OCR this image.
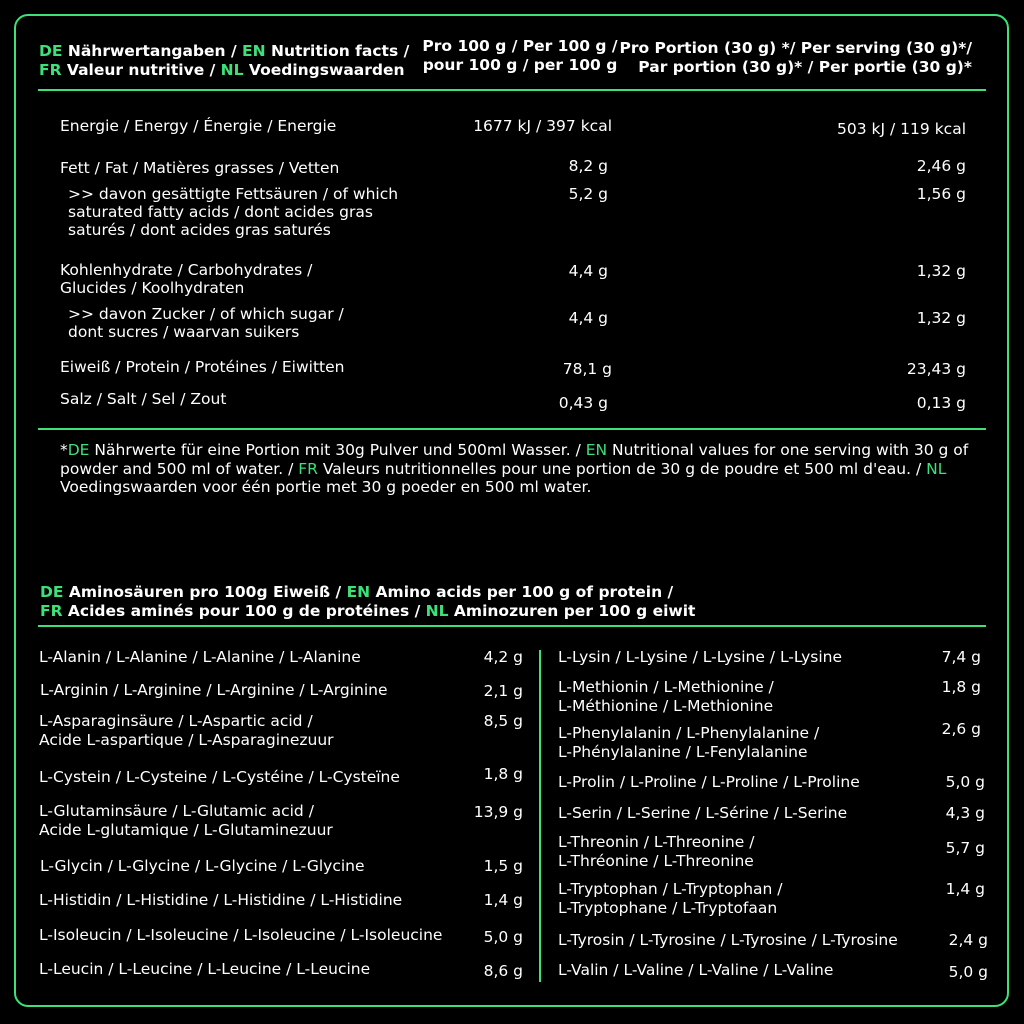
DE Nährwertangaben / EN Nutrition facts /
FR Valeur nutritive / NL Voedingswaarden
Pro 100 g / Per 100 g /
pour 100 g / per 100 g
Pro Portion (30 g) */ Per serving (30 g)*/
Par portion (30 g)* / Per portie (30 g)*
Energie / Energy / Énergie / Energie	1677 kJ / 397 kcal	503 kJ / 119 kcal
Fett / Fat / Matières grasses / Vetten	8,2 g	2,46 g
>> davon gesättigte Fettsäuren / of which
saturated fatty acids / dont acides gras
saturés / dont acides gras saturés
5,2 g	1,56 g
Kohlenhydrate / Carbohydrates /
Glucides / Koolhydraten
4,4 g	1,32 g
>> davon Zucker / of which sugar /
dont sucres / waarvan suikers
4,4 g	1,32 g
Eiweiß / Protein / Protéines / Eiwitten	78,1 g	23,43 g
Salz / Salt / Sel / Zout	0,43 g	0,13 g
*DE Nährwerte für eine Portion mit 30g Pulver und 500ml Wasser. / EN Nutritional values for one serving with 30 g of powder and 500 ml of water. / FR Valeurs nutritionnelles pour une portion de 30 g de poudre et 500 ml d'eau. / NL Voedingswaarden voor één portie met 30 g poeder en 500 ml water.
DE Aminosäuren pro 100g Eiweiß / EN Amino acids per 100 g of protein /
FR Acides aminés pour 100 g de protéines / NL Aminozuren per 100 g eiwit
L-Alanin / L-Alanine / L-Alanine / L-Alanine	4,2 g
L-Arginin / L-Arginine / L-Arginine / L-Arginine	2,1 g
L-Asparaginsäure / L-Aspartic acid /
Acide L-aspartique / L-Asparaginezuur
8,5 g
L-Cystein / L-Cysteine / L-Cystéine / L-Cysteïne	1,8 g
L-Glutaminsäure / L-Glutamic acid /
Acide L-glutamique / L-Glutaminezuur
13,9 g
L-Glycin / L-Glycine / L-Glycine / L-Glycine	1,5 g
L-Histidin / L-Histidine / L-Histidine / L-Histidine	1,4 g
L-Isoleucin / L-Isoleucine / L-Isoleucine / L-Isoleucine	5,0 g
L-Leucin / L-Leucine / L-Leucine / L-Leucine	8,6 g
L-Lysin / L-Lysine / L-Lysine / L-Lysine	7,4 g
L-Methionin / L-Methionine /
L-Méthionine / L-Methionine
1,8 g
L-Phenylalanin / L-Phenylalanine /
L-Phénylalanine / L-Fenylalanine
2,6 g
L-Prolin / L-Proline / L-Proline / L-Proline	5,0 g
L-Serin / L-Serine / L-Sérine / L-Serine	4,3 g
L-Threonin / L-Threonine /
L-Thréonine / L-Threonine
5,7 g
L-Tryptophan / L-Tryptophan /
L-Tryptophane / L-Tryptofaan
1,4 g
L-Tyrosin / L-Tyrosine / L-Tyrosine / L-Tyrosine	2,4 g
L-Valin / L-Valine / L-Valine / L-Valine	5,0 g
